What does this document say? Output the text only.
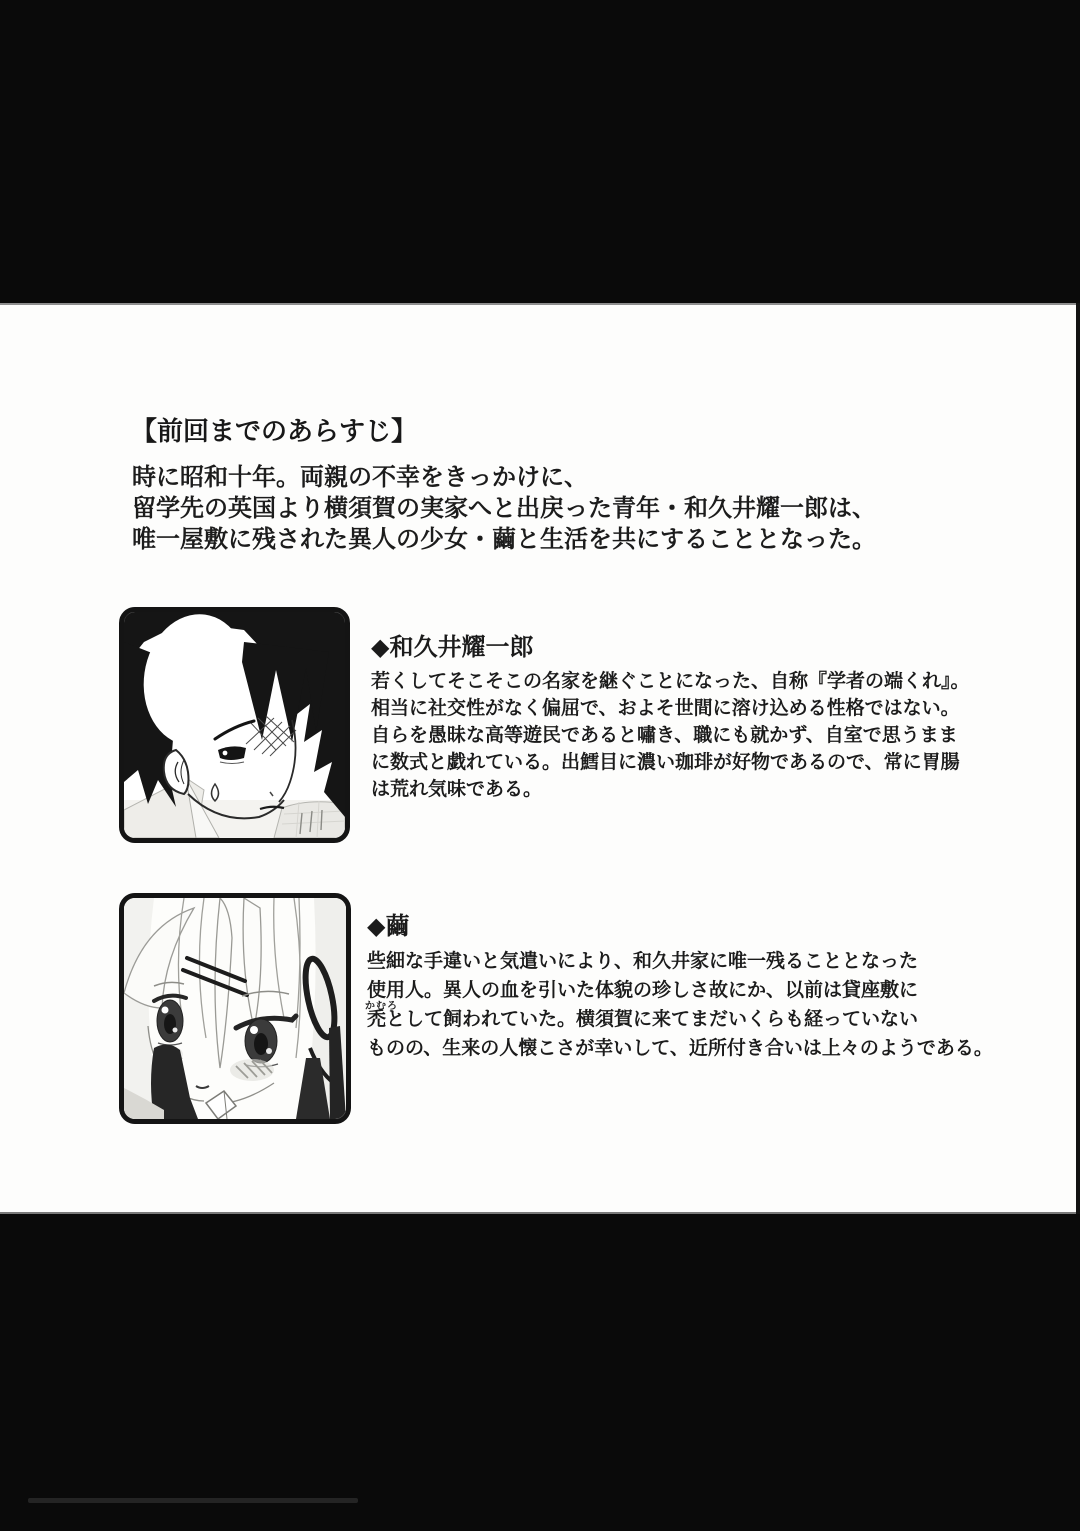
【前回までのあらすじ】
時に昭和十年。両親の不幸をきっかけに、
留学先の英国より横須賀の実家へと出戻った青年・和久井耀一郎は、
唯一屋敷に残された異人の少女・繭と生活を共にすることとなった。
◆和久井耀一郎
若くしてそこそこの名家を継ぐことになった、自称『学者の端くれ』。
相当に社交性がなく偏屈で、およそ世間に溶け込める性格ではない。
自らを愚昧な高等遊民であると嘯き、職にも就かず、自室で思うまま
に数式と戯れている。出鱈目に濃い珈琲が好物であるので、常に胃腸
は荒れ気味である。
◆繭
些細な手違いと気遣いにより、和久井家に唯一残ることとなった
使用人。異人の血を引いた体貌の珍しさ故にか、以前は貸座敷に
かむろ
禿として飼われていた。横須賀に来てまだいくらも経っていない
ものの、生来の人懐こさが幸いして、近所付き合いは上々のようである。
